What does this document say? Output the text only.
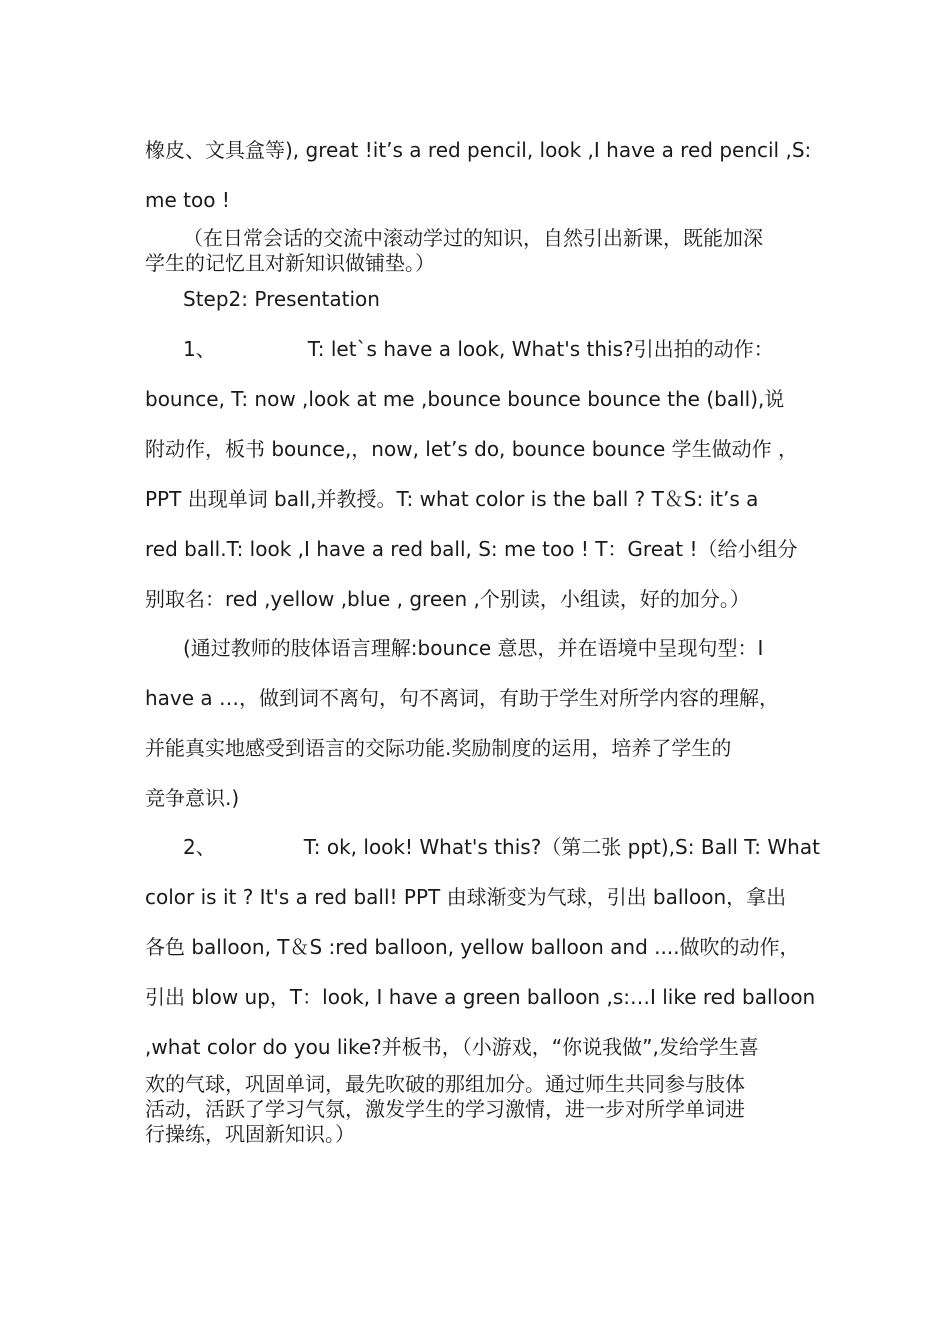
橡皮、文具盒等), great !it’s a red pencil, look ,I have a red pencil ,S:
me too !
（在日常会话的交流中滚动学过的知识，自然引出新课，既能加深
学生的记忆且对新知识做铺垫。）
Step2: Presentation
1、	T: let`s have a look, What's this?引出拍的动作：
bounce, T: now ,look at me ,bounce bounce bounce the (ball),说
附动作，板书 bounce,，now, let’s do, bounce bounce 学生做动作 ，
PPT 出现单词 ball,并教授。T: what color is the ball ? T＆S: it’s a
red ball.T: look ,I have a red ball, S: me too ! T：Great !（给小组分
别取名：red ,yellow ,blue , green ,个别读，小组读，好的加分。）
(通过教师的肢体语言理解:bounce 意思，并在语境中呈现句型：I
have a …，做到词不离句，句不离词，有助于学生对所学内容的理解，
并能真实地感受到语言的交际功能.奖励制度的运用，培养了学生的
竞争意识.)
2、	T: ok, look! What's this?（第二张 ppt),S: Ball T: What
color is it ? It's a red ball! PPT 由球渐变为气球，引出 balloon，拿出
各色 balloon, T＆S :red balloon, yellow balloon and ....做吹的动作，
引出 blow up，T：look, I have a green balloon ,s:…I like red balloon
,what color do you like?并板书，（小游戏，“你说我做”,发给学生喜
欢的气球，巩固单词，最先吹破的那组加分。通过师生共同参与肢体
活动，活跃了学习气氛，激发学生的学习激情，进一步对所学单词进
行操练，巩固新知识。）
